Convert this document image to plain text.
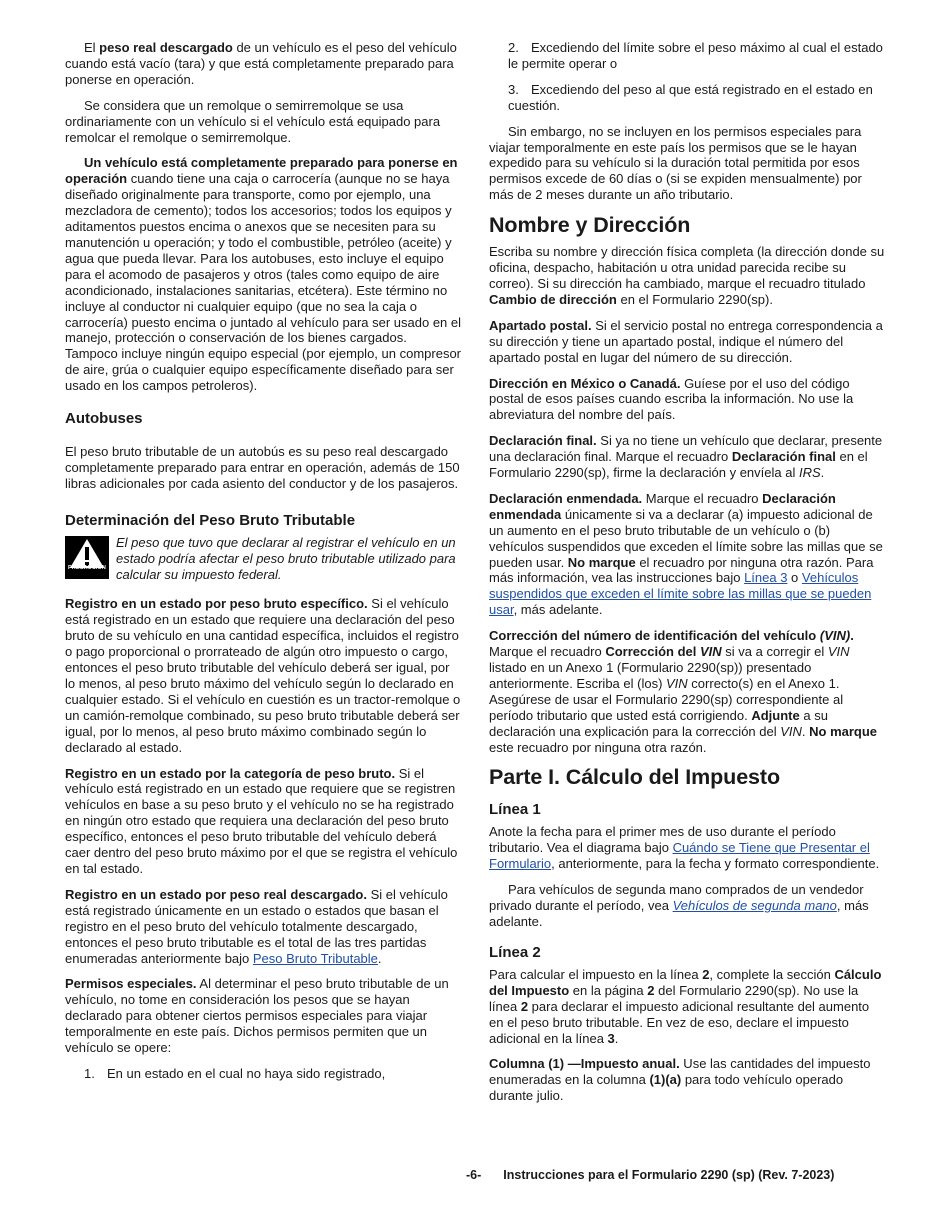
El peso real descargado de un vehículo es el peso del vehículo cuando está vacío (tara) y que está completamente preparado para ponerse en operación.

Se considera que un remolque o semirremolque se usa ordinariamente con un vehículo si el vehículo está equipado para remolcar el remolque o semirremolque.

Un vehículo está completamente preparado para ponerse en operación cuando tiene una caja o carrocería (aunque no se haya diseñado originalmente para transporte, como por ejemplo, una mezcladora de cemento); todos los accesorios; todos los equipos y aditamentos puestos encima o anexos que se necesiten para su manutención u operación; y todo el combustible, petróleo (aceite) y agua que pueda llevar. Para los autobuses, esto incluye el equipo para el acomodo de pasajeros y otros (tales como equipo de aire acondicionado, instalaciones sanitarias, etcétera). Este término no incluye al conductor ni cualquier equipo (que no sea la caja o carrocería) puesto encima o juntado al vehículo para ser usado en el manejo, protección o conservación de los bienes cargados. Tampoco incluye ningún equipo especial (por ejemplo, un compresor de aire, grúa o cualquier equipo específicamente diseñado para ser usado en los campos petroleros).

Autobuses

El peso bruto tributable de un autobús es su peso real descargado completamente preparado para entrar en operación, además de 150 libras adicionales por cada asiento del conductor y de los pasajeros.

Determinación del Peso Bruto Tributable
PRECAUCION
El peso que tuvo que declarar al registrar el vehículo en un estado podría afectar el peso bruto tributable utilizado para calcular su impuesto federal.

Registro en un estado por peso bruto específico. Si el vehículo está registrado en un estado que requiere una declaración del peso bruto de su vehículo en una cantidad específica, incluidos el registro o pago proporcional o prorrateado de algún otro impuesto o cargo, entonces el peso bruto tributable del vehículo deberá ser igual, por lo menos, al peso bruto máximo del vehículo según lo declarado en cualquier estado. Si el vehículo en cuestión es un tractor-remolque o un camión-remolque combinado, su peso bruto tributable deberá ser igual, por lo menos, al peso bruto máximo combinado según lo declarado al estado.

Registro en un estado por la categoría de peso bruto. Si el vehículo está registrado en un estado que requiere que se registren vehículos en base a su peso bruto y el vehículo no se ha registrado en ningún otro estado que requiera una declaración del peso bruto específico, entonces el peso bruto tributable del vehículo deberá caer dentro del peso bruto máximo por el que se registra el vehículo en tal estado.

Registro en un estado por peso real descargado. Si el vehículo está registrado únicamente en un estado o estados que basan el registro en el peso bruto del vehículo totalmente descargado, entonces el peso bruto tributable es el total de las tres partidas enumeradas anteriormente bajo Peso Bruto Tributable.

Permisos especiales. Al determinar el peso bruto tributable de un vehículo, no tome en consideración los pesos que se hayan declarado para obtener ciertos permisos especiales para viajar temporalmente en este país. Dichos permisos permiten que un vehículo se opere:

1. En un estado en el cual no haya sido registrado,

2. Excediendo del límite sobre el peso máximo al cual el estado le permite operar o

3. Excediendo del peso al que está registrado en el estado en cuestión.

Sin embargo, no se incluyen en los permisos especiales para viajar temporalmente en este país los permisos que se le hayan expedido para su vehículo si la duración total permitida por esos permisos excede de 60 días o (si se expiden mensualmente) por más de 2 meses durante un año tributario.

Nombre y Dirección

Escriba su nombre y dirección física completa (la dirección donde su oficina, despacho, habitación u otra unidad parecida recibe su correo). Si su dirección ha cambiado, marque el recuadro titulado Cambio de dirección en el Formulario 2290(sp).

Apartado postal. Si el servicio postal no entrega correspondencia a su dirección y tiene un apartado postal, indique el número del apartado postal en lugar del número de su dirección.

Dirección en México o Canadá. Guíese por el uso del código postal de esos países cuando escriba la información. No use la abreviatura del nombre del país.

Declaración final. Si ya no tiene un vehículo que declarar, presente una declaración final. Marque el recuadro Declaración final en el Formulario 2290(sp), firme la declaración y envíela al IRS.

Declaración enmendada. Marque el recuadro Declaración enmendada únicamente si va a declarar (a) impuesto adicional de un aumento en el peso bruto tributable de un vehículo o (b) vehículos suspendidos que exceden el límite sobre las millas que se pueden usar. No marque el recuadro por ninguna otra razón. Para más información, vea las instrucciones bajo Línea 3 o Vehículos suspendidos que exceden el límite sobre las millas que se pueden usar, más adelante.

Corrección del número de identificación del vehículo (VIN). Marque el recuadro Corrección del VIN si va a corregir el VIN listado en un Anexo 1 (Formulario 2290(sp)) presentado anteriormente. Escriba el (los) VIN correcto(s) en el Anexo 1. Asegúrese de usar el Formulario 2290(sp) correspondiente al período tributario que usted está corrigiendo. Adjunte a su declaración una explicación para la corrección del VIN. No marque este recuadro por ninguna otra razón.

Parte I. Cálculo del Impuesto
Línea 1

Anote la fecha para el primer mes de uso durante el período tributario. Vea el diagrama bajo Cuándo se Tiene que Presentar el Formulario, anteriormente, para la fecha y formato correspondiente.

Para vehículos de segunda mano comprados de un vendedor privado durante el período, vea Vehículos de segunda mano, más adelante.

Línea 2

Para calcular el impuesto en la línea 2, complete la sección Cálculo del Impuesto en la página 2 del Formulario 2290(sp). No use la línea 2 para declarar el impuesto adicional resultante del aumento en el peso bruto tributable. En vez de eso, declare el impuesto adicional en la línea 3.

Columna (1) —Impuesto anual. Use las cantidades del impuesto enumeradas en la columna (1)(a) para todo vehículo operado durante julio.

-6- Instrucciones para el Formulario 2290 (sp) (Rev. 7-2023)
